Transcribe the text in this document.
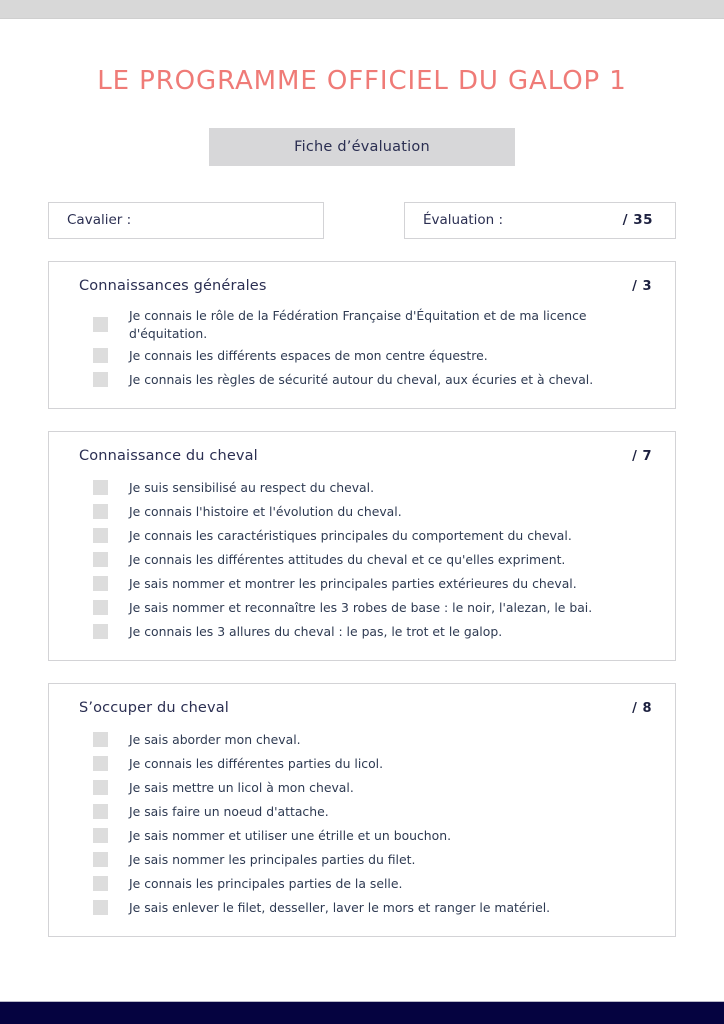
LE PROGRAMME OFFICIEL DU GALOP 1
Fiche d’évaluation
Cavalier :	Évaluation :	/ 35
Connaissances générales	/ 3
Je connais le rôle de la Fédération Française d'Équitation et de ma licence d'équitation.
Je connais les différents espaces de mon centre équestre.
Je connais les règles de sécurité autour du cheval, aux écuries et à cheval.
Connaissance du cheval	/ 7
Je suis sensibilisé au respect du cheval.
Je connais l'histoire et l'évolution du cheval.
Je connais les caractéristiques principales du comportement du cheval.
Je connais les différentes attitudes du cheval et ce qu'elles expriment.
Je sais nommer et montrer les principales parties extérieures du cheval.
Je sais nommer et reconnaître les 3 robes de base : le noir, l'alezan, le bai.
Je connais les 3 allures du cheval : le pas, le trot et le galop.
S’occuper du cheval	/ 8
Je sais aborder mon cheval.
Je connais les différentes parties du licol.
Je sais mettre un licol à mon cheval.
Je sais faire un noeud d'attache.
Je sais nommer et utiliser une étrille et un bouchon.
Je sais nommer les principales parties du filet.
Je connais les principales parties de la selle.
Je sais enlever le filet, desseller, laver le mors et ranger le matériel.
